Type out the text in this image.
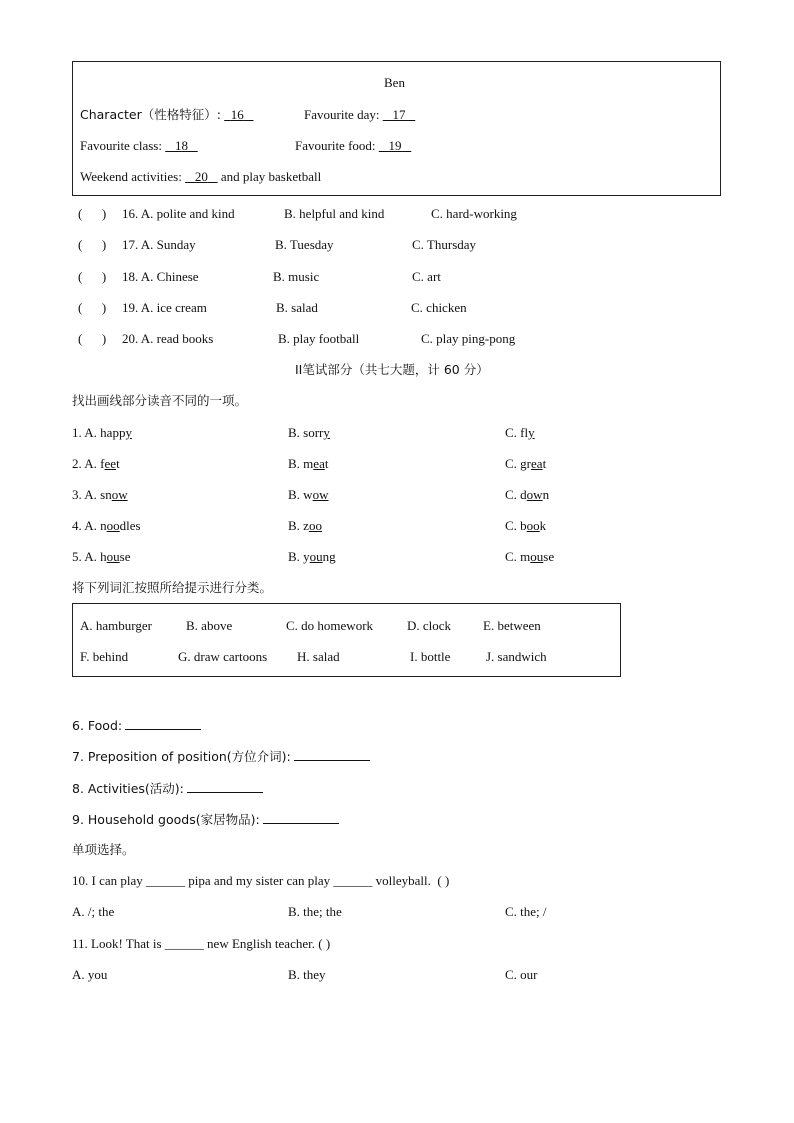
Ben
Character（性格特征）: 16	Favourite day: 17
Favourite class: 18	Favourite food: 19
Weekend activities: 20 and play basketball
( ) 16. A. polite and kind	B. helpful and kind	C. hard-working
( ) 17. A. Sunday	B. Tuesday	C. Thursday
( ) 18. A. Chinese	B. music	C. art
( ) 19. A. ice cream	B. salad	C. chicken
( ) 20. A. read books	B. play football	C. play ping-pong
II笔试部分（共七大题，计 60 分）
找出画线部分读音不同的一项。
1. A. happy	B. sorry	C. fly
2. A. feet	B. meat	C. great
3. A. snow	B. wow	C. down
4. A. noodles	B. zoo	C. book
5. A. house	B. young	C. mouse
将下列词汇按照所给提示进行分类。
A. hamburger	B. above	C. do homework	D. clock E. between
F. behind	G. draw cartoons H. salad	I. bottle	J. sandwich
6. Food:
7. Preposition of position(方位介词):
8. Activities(活动):
9. Household goods(家居物品):
单项选择。
10. I can play ______ pipa and my sister can play ______ volleyball. ( )
A. /; the	B. the; the	C. the; /
11. Look! That is ______ new English teacher. ( )
A. you	B. they	C. our
